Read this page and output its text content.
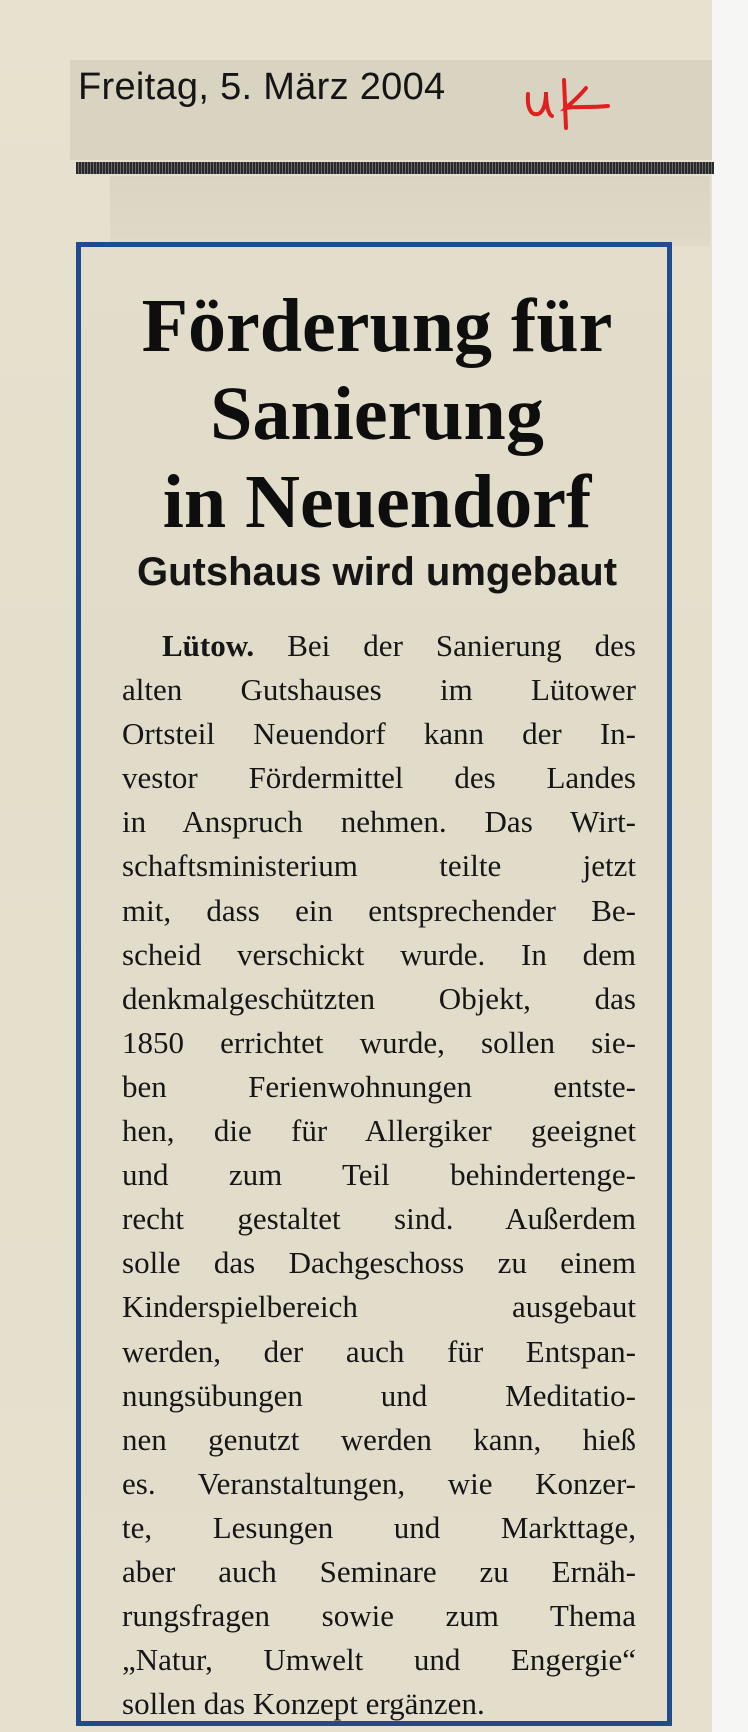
Freitag, 5. März 2004
Förderung für
Sanierung
in Neuendorf
Gutshaus wird umgebaut
Lütow. Bei der Sanierung des
alten Gutshauses im Lütower
Ortsteil Neuendorf kann der In-
vestor Fördermittel des Landes
in Anspruch nehmen. Das Wirt-
schaftsministerium teilte jetzt
mit, dass ein entsprechender Be-
scheid verschickt wurde. In dem
denkmalgeschützten Objekt, das
1850 errichtet wurde, sollen sie-
ben Ferienwohnungen entste-
hen, die für Allergiker geeignet
und zum Teil behindertenge-
recht gestaltet sind. Außerdem
solle das Dachgeschoss zu einem
Kinderspielbereich ausgebaut
werden, der auch für Entspan-
nungsübungen und Meditatio-
nen genutzt werden kann, hieß
es. Veranstaltungen, wie Konzer-
te, Lesungen und Markttage,
aber auch Seminare zu Ernäh-
rungsfragen sowie zum Thema
„Natur, Umwelt und Engergie“
sollen das Konzept ergänzen.
